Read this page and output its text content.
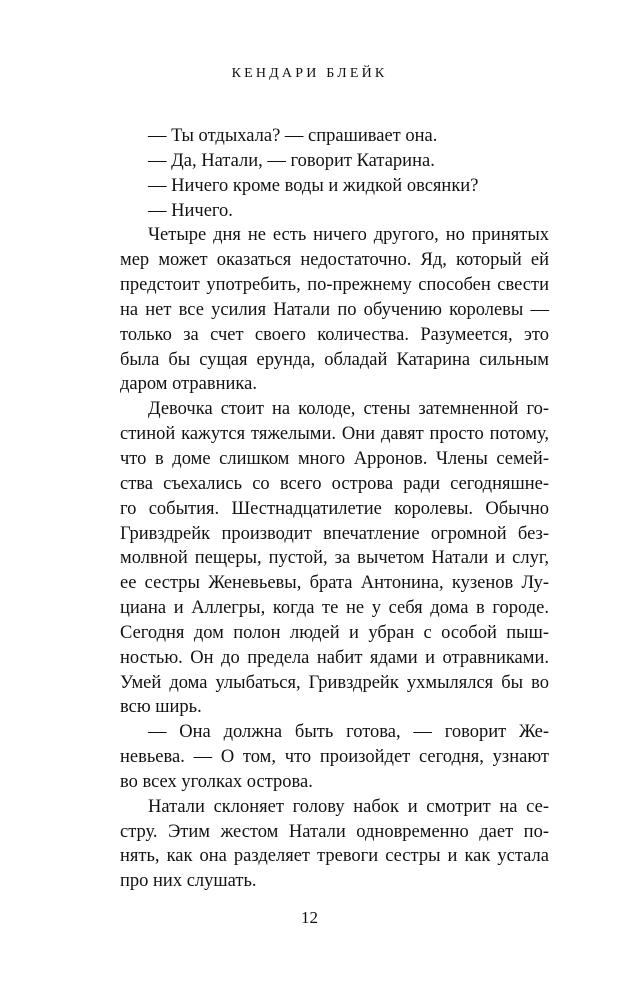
КЕНДАРИ БЛЕЙК
— Ты отдыхала? — спрашивает она.
— Да, Натали, — говорит Катарина.
— Ничего кроме воды и жидкой овсянки?
— Ничего.
Четыре дня не есть ничего другого, но принятых
мер может оказаться недостаточно. Яд, который ей
предстоит употребить, по-прежнему способен свести
на нет все усилия Натали по обучению королевы —
только за счет своего количества. Разумеется, это
была бы сущая ерунда, обладай Катарина сильным
даром отравника.
Девочка стоит на колоде, стены затемненной го-
стиной кажутся тяжелыми. Они давят просто потому,
что в доме слишком много Арронов. Члены семей-
ства съехались со всего острова ради сегодняшне-
го события. Шестнадцатилетие королевы. Обычно
Гривздрейк производит впечатление огромной без-
молвной пещеры, пустой, за вычетом Натали и слуг,
ее сестры Женевьевы, брата Антонина, кузенов Лу-
циана и Аллегры, когда те не у себя дома в городе.
Сегодня дом полон людей и убран с особой пыш-
ностью. Он до предела набит ядами и отравниками.
Умей дома улыбаться, Гривздрейк ухмылялся бы во
всю ширь.
— Она должна быть готова, — говорит Же-
невьева. — О том, что произойдет сегодня, узнают
во всех уголках острова.
Натали склоняет голову набок и смотрит на се-
стру. Этим жестом Натали одновременно дает по-
нять, как она разделяет тревоги сестры и как устала
про них слушать.
12
